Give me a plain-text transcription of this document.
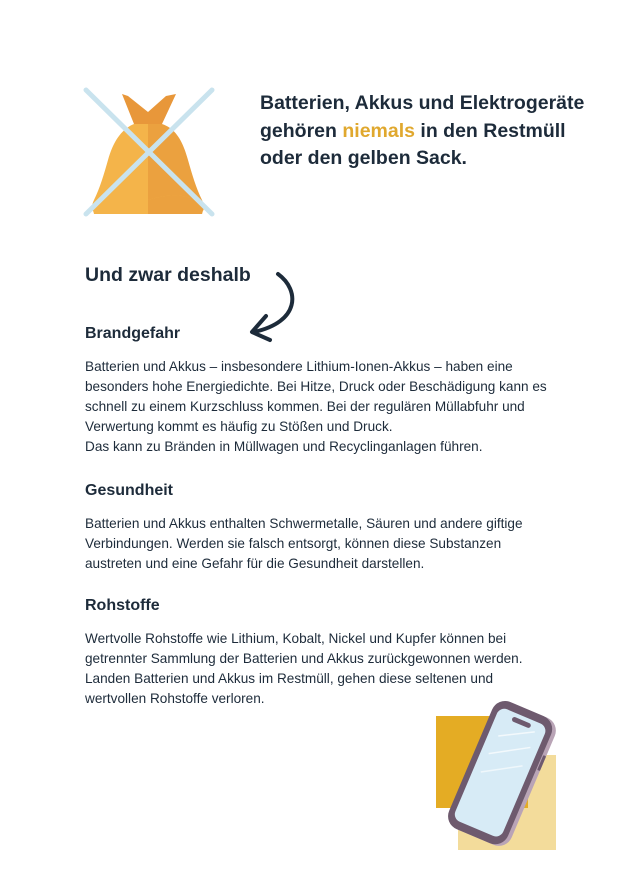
Batterien, Akkus und Elektrogeräte gehören niemals in den Restmüll oder den gelben Sack.
Und zwar deshalb
Brandgefahr

Batterien und Akkus – insbesondere Lithium-Ionen-Akkus – haben eine besonders hohe Energiedichte. Bei Hitze, Druck oder Beschädigung kann es schnell zu einem Kurzschluss kommen. Bei der regulären Müllabfuhr und Verwertung kommt es häufig zu Stößen und Druck.

Das kann zu Bränden in Müllwagen und Recyclinganlagen führen.

Gesundheit

Batterien und Akkus enthalten Schwermetalle, Säuren und andere giftige Verbindungen. Werden sie falsch entsorgt, können diese Substanzen austreten und eine Gefahr für die Gesundheit darstellen.

Rohstoffe

Wertvolle Rohstoffe wie Lithium, Kobalt, Nickel und Kupfer können bei getrennter Sammlung der Batterien und Akkus zurückgewonnen werden. Landen Batterien und Akkus im Restmüll, gehen diese seltenen und wertvollen Rohstoffe verloren.
